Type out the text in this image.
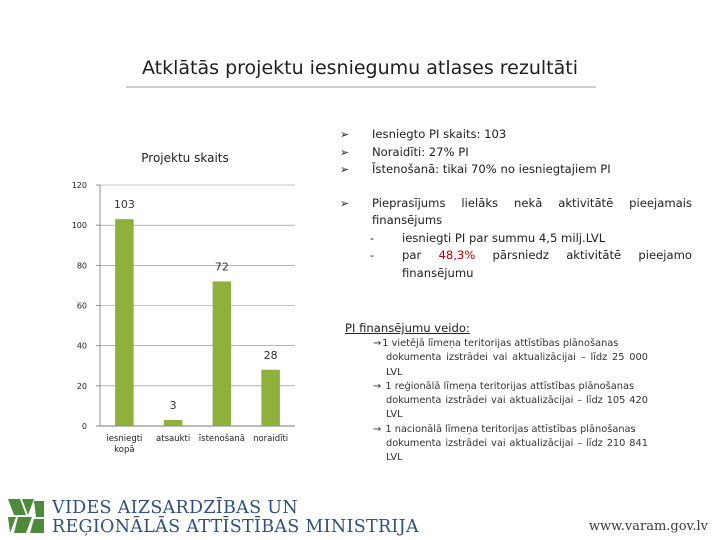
Atklātās projektu iesniegumu atlases rezultāti
Projektu skaits
0
20
40
60
80
100
120
103
iesniegti
kopā
3
atsaukti
72
īstenošanā
28
noraidīti
➢ Iesniegto PI skaits: 103
➢ Noraidīti: 27% PI
➢ Īstenošanā: tikai 70% no iesniegtajiem PI
➢ Pieprasījums lielāks nekā aktivitātē pieejamais finansējums
- iesniegti PI par summu 4,5 milj.LVL
- par 48,3% pārsniedz aktivitātē pieejamo finansējumu
PI finansējumu veido:
→1 vietējā līmeņa teritorijas attīstības plānošanas
dokumenta izstrādei vai aktualizācijai – līdz 25 000 LVL
→ 1 reģionālā līmeņa teritorijas attīstības plānošanas
dokumenta izstrādei vai aktualizācijai – līdz 105 420 LVL
→ 1 nacionālā līmeņa teritorijas attīstības plānošanas
dokumenta izstrādei vai aktualizācijai – līdz 210 841 LVL
VIDES AIZSARDZĪBAS UN
REĢIONĀLĀS ATTĪSTĪBAS MINISTRIJA	www.varam.gov.lv
